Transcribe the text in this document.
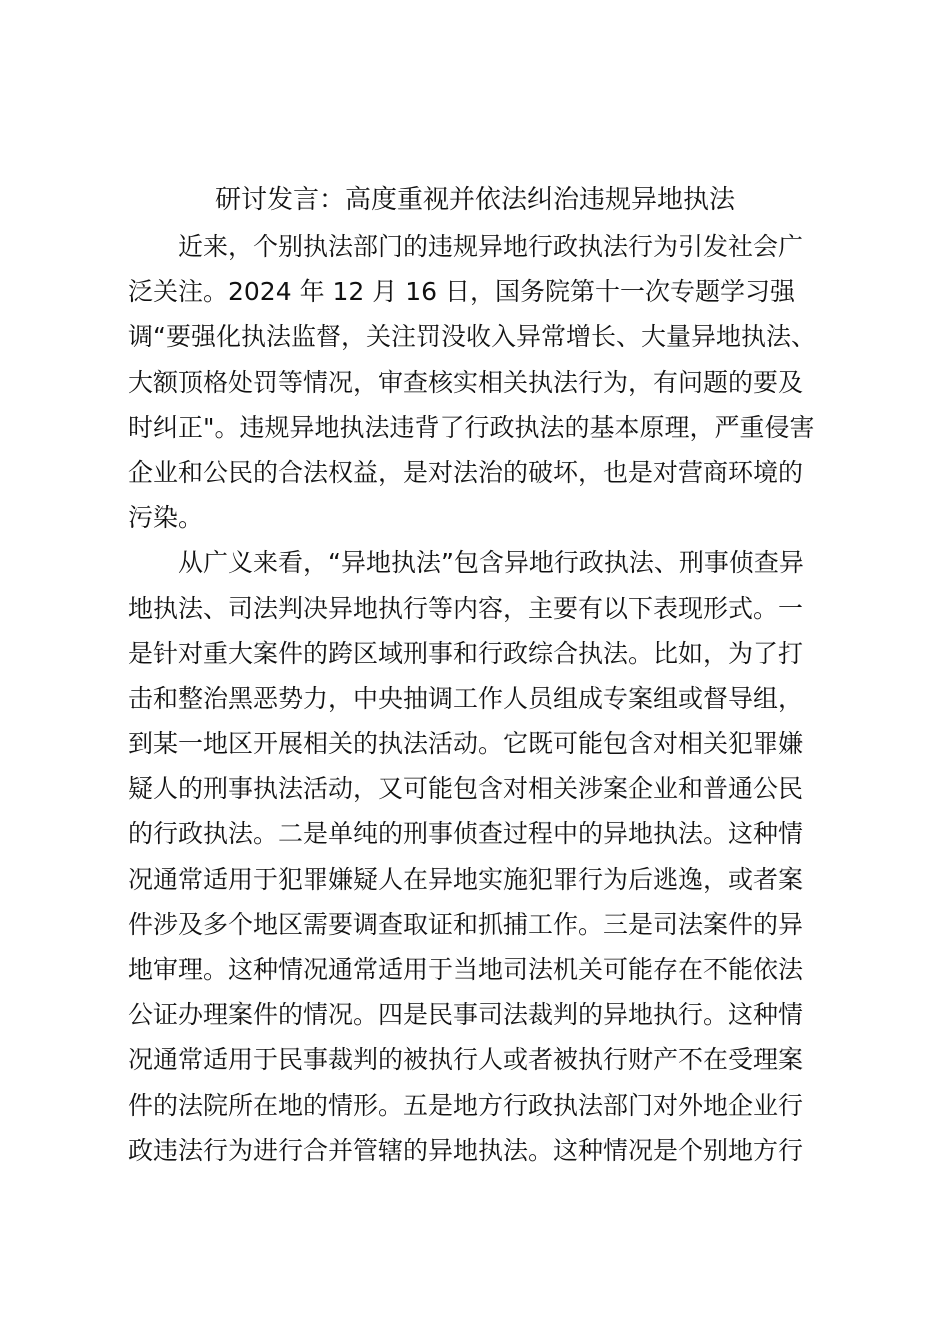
研讨发言：高度重视并依法纠治违规异地执法
近来，个别执法部门的违规异地行政执法行为引发社会广
泛关注。2024 年 12 月 16 日，国务院第十一次专题学习强
调“要强化执法监督，关注罚没收入异常增长、大量异地执法、
大额顶格处罚等情况，审查核实相关执法行为，有问题的要及
时纠正"。违规异地执法违背了行政执法的基本原理，严重侵害
企业和公民的合法权益，是对法治的破坏，也是对营商环境的
污染。
从广义来看，“异地执法”包含异地行政执法、刑事侦查异
地执法、司法判决异地执行等内容，主要有以下表现形式。一
是针对重大案件的跨区域刑事和行政综合执法。比如，为了打
击和整治黑恶势力，中央抽调工作人员组成专案组或督导组，
到某一地区开展相关的执法活动。它既可能包含对相关犯罪嫌
疑人的刑事执法活动，又可能包含对相关涉案企业和普通公民
的行政执法。二是单纯的刑事侦查过程中的异地执法。这种情
况通常适用于犯罪嫌疑人在异地实施犯罪行为后逃逸，或者案
件涉及多个地区需要调查取证和抓捕工作。三是司法案件的异
地审理。这种情况通常适用于当地司法机关可能存在不能依法
公证办理案件的情况。四是民事司法裁判的异地执行。这种情
况通常适用于民事裁判的被执行人或者被执行财产不在受理案
件的法院所在地的情形。五是地方行政执法部门对外地企业行
政违法行为进行合并管辖的异地执法。这种情况是个别地方行
